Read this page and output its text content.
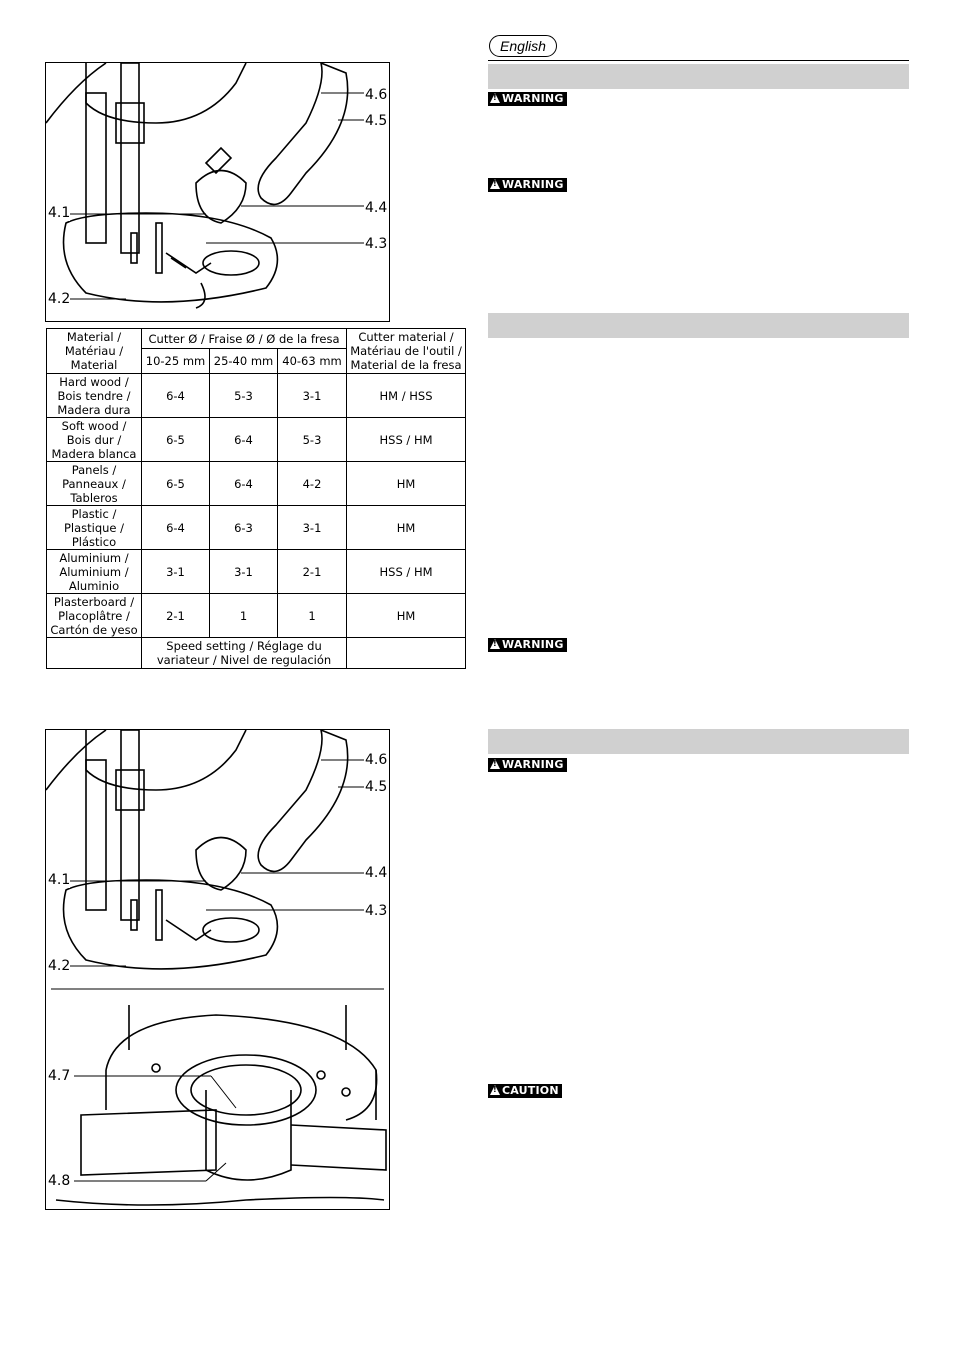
English
4.6
4.5
4.4
4.1
4.3
4.2
Material / Matériau / Material	Cutter Ø / Fraise Ø / Ø de la fresa			Cutter material / Matériau de l'outil / Material de la fresa
	10-25 mm	25-40 mm	40-63 mm	
Hard wood / Bois tendre / Madera dura	6-4	5-3	3-1	HM / HSS
Soft wood / Bois dur / Madera blanca	6-5	6-4	5-3	HSS / HM
Panels / Panneaux / Tableros	6-5	6-4	4-2	HM
Plastic / Plastique / Plástico	6-4	6-3	3-1	HM
Aluminium / Aluminium / Aluminio	3-1	3-1	2-1	HSS / HM
Plasterboard / Placoplâtre / Cartón de yeso	2-1	1	1	HM
	Speed setting / Réglage du variateur / Nivel de regulación			
4.6
4.5
4.1	4.4
4.3
4.2
4.7
4.8
!WARNING
!WARNING
!WARNING
!WARNING
!CAUTION
